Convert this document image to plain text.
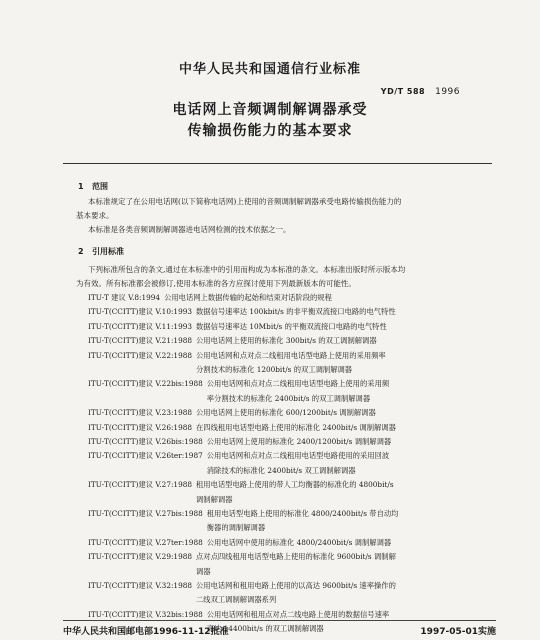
中华人民共和国通信行业标准
YD/T 588 1996
电话网上音频调制解调器承受
传输损伤能力的基本要求
1 范围
本标准规定了在公用电话网(以下简称电话网)上使用的音频调制解调器承受电路传输损伤能力的
基本要求。
本标准是各类音频调制解调器进电话网检测的技术依据之一。
2 引用标准
下列标准所包含的条文,通过在本标准中的引用而构成为本标准的条文。本标准出版时所示版本均
为有效。所有标准都会被修订,使用本标准的各方应探讨使用下列最新版本的可能性。
ITU-T 建议 V.8:1994 公用电话网上数据传输的起始和结束对话阶段的规程
ITU-T(CCITT)建议 V.10:1993 数据信号速率达 100kbit/s 的非平衡双流接口电路的电气特性
ITU-T(CCITT)建议 V.11:1993 数据信号速率达 10Mbit/s 的平衡双流接口电路的电气特性
ITU-T(CCITT)建议 V.21:1988 公用电话网上使用的标准化 300bit/s 的双工调制解调器
ITU-T(CCITT)建议 V.22:1988 公用电话网和点对点二线租用电话型电路上使用的采用频率
分割技术的标准化 1200bit/s 的双工调制解调器
ITU-T(CCITT)建议 V.22bis:1988 公用电话网和点对点二线租用电话型电路上使用的采用频
率分割技术的标准化 2400bit/s 的双工调制解调器
ITU-T(CCITT)建议 V.23:1988 公用电话网上使用的标准化 600/1200bit/s 调制解调器
ITU-T(CCITT)建议 V.26:1988 在四线租用电话型电路上使用的标准化 2400bit/s 调制解调器
ITU-T(CCITT)建议 V.26bis:1988 公用电话网上使用的标准化 2400/1200bit/s 调制解调器
ITU-T(CCITT)建议 V.26ter:1987 公用电话网和点对点二线租用电话型电路使用的采用回波
消除技术的标准化 2400bit/s 双工调制解调器
ITU-T(CCITT)建议 V.27:1988 租用电话型电路上使用的带人工均衡器的标准化的 4800bit/s
调制解调器
ITU-T(CCITT)建议 V.27bis:1988 租用电话型电路上使用的标准化 4800/2400bit/s 带自动均
衡器的调制解调器
ITU-T(CCITT)建议 V.27ter:1988 公用电话网中使用的标准化 4800/2400bit/s 调制解调器
ITU-T(CCITT)建议 V.29:1988 点对点四线租用电话型电路上使用的标准化 9600bit/s 调制解
调器
ITU-T(CCITT)建议 V.32:1988 公用电话网和租用电路上使用的以高达 9600bit/s 速率操作的
二线双工调制解调器系列
ITU-T(CCITT)建议 V.32bis:1988 公用电话网和租用点对点二线电路上使用的数据信号速率
高达 14400bit/s 的双工调制解调器
中华人民共和国邮电部1996-11-12批准	1997-05-01实施
